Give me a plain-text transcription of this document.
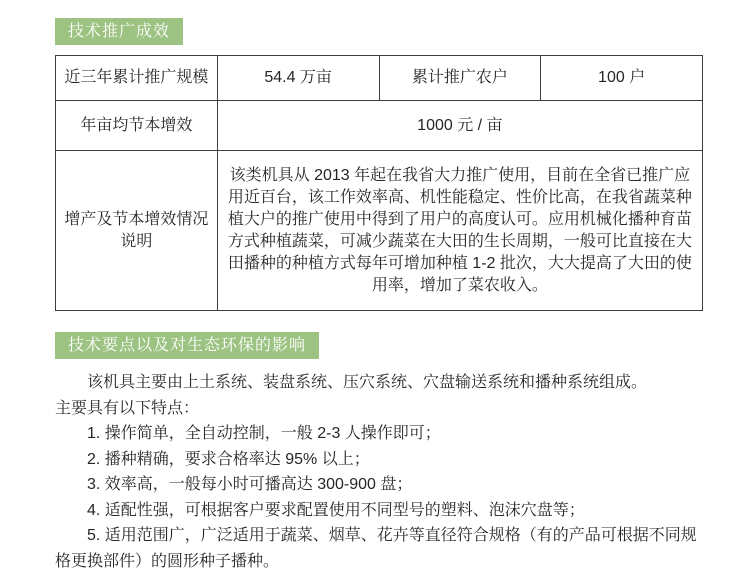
技术推广成效
近三年累计推广规模	54.4 万亩	累计推广农户	100 户
年亩均节本增效	1000 元 / 亩		
增产及节本增效情况说明	该类机具从 2013 年起在我省大力推广使用，目前在全省已推广应用近百台，该工作效率高、机性能稳定、性价比高，在我省蔬菜种植大户的推广使用中得到了用户的高度认可。应用机械化播种育苗方式种植蔬菜，可减少蔬菜在大田的生长周期，一般可比直接在大田播种的种植方式每年可增加种植 1-2 批次，大大提高了大田的使用率，增加了菜农收入。		
技术要点以及对生态环保的影响

该机具主要由上土系统、装盘系统、压穴系统、穴盘输送系统和播种系统组成。
主要具有以下特点：

1. 操作简单，全自动控制，一般 2-3 人操作即可；

2. 播种精确，要求合格率达 95% 以上；

3. 效率高，一般每小时可播高达 300-900 盘；

4. 适配性强，可根据客户要求配置使用不同型号的塑料、泡沫穴盘等；

5. 适用范围广，广泛适用于蔬菜、烟草、花卉等直径符合规格（有的产品可根据不同规格更换部件）的圆形种子播种。
